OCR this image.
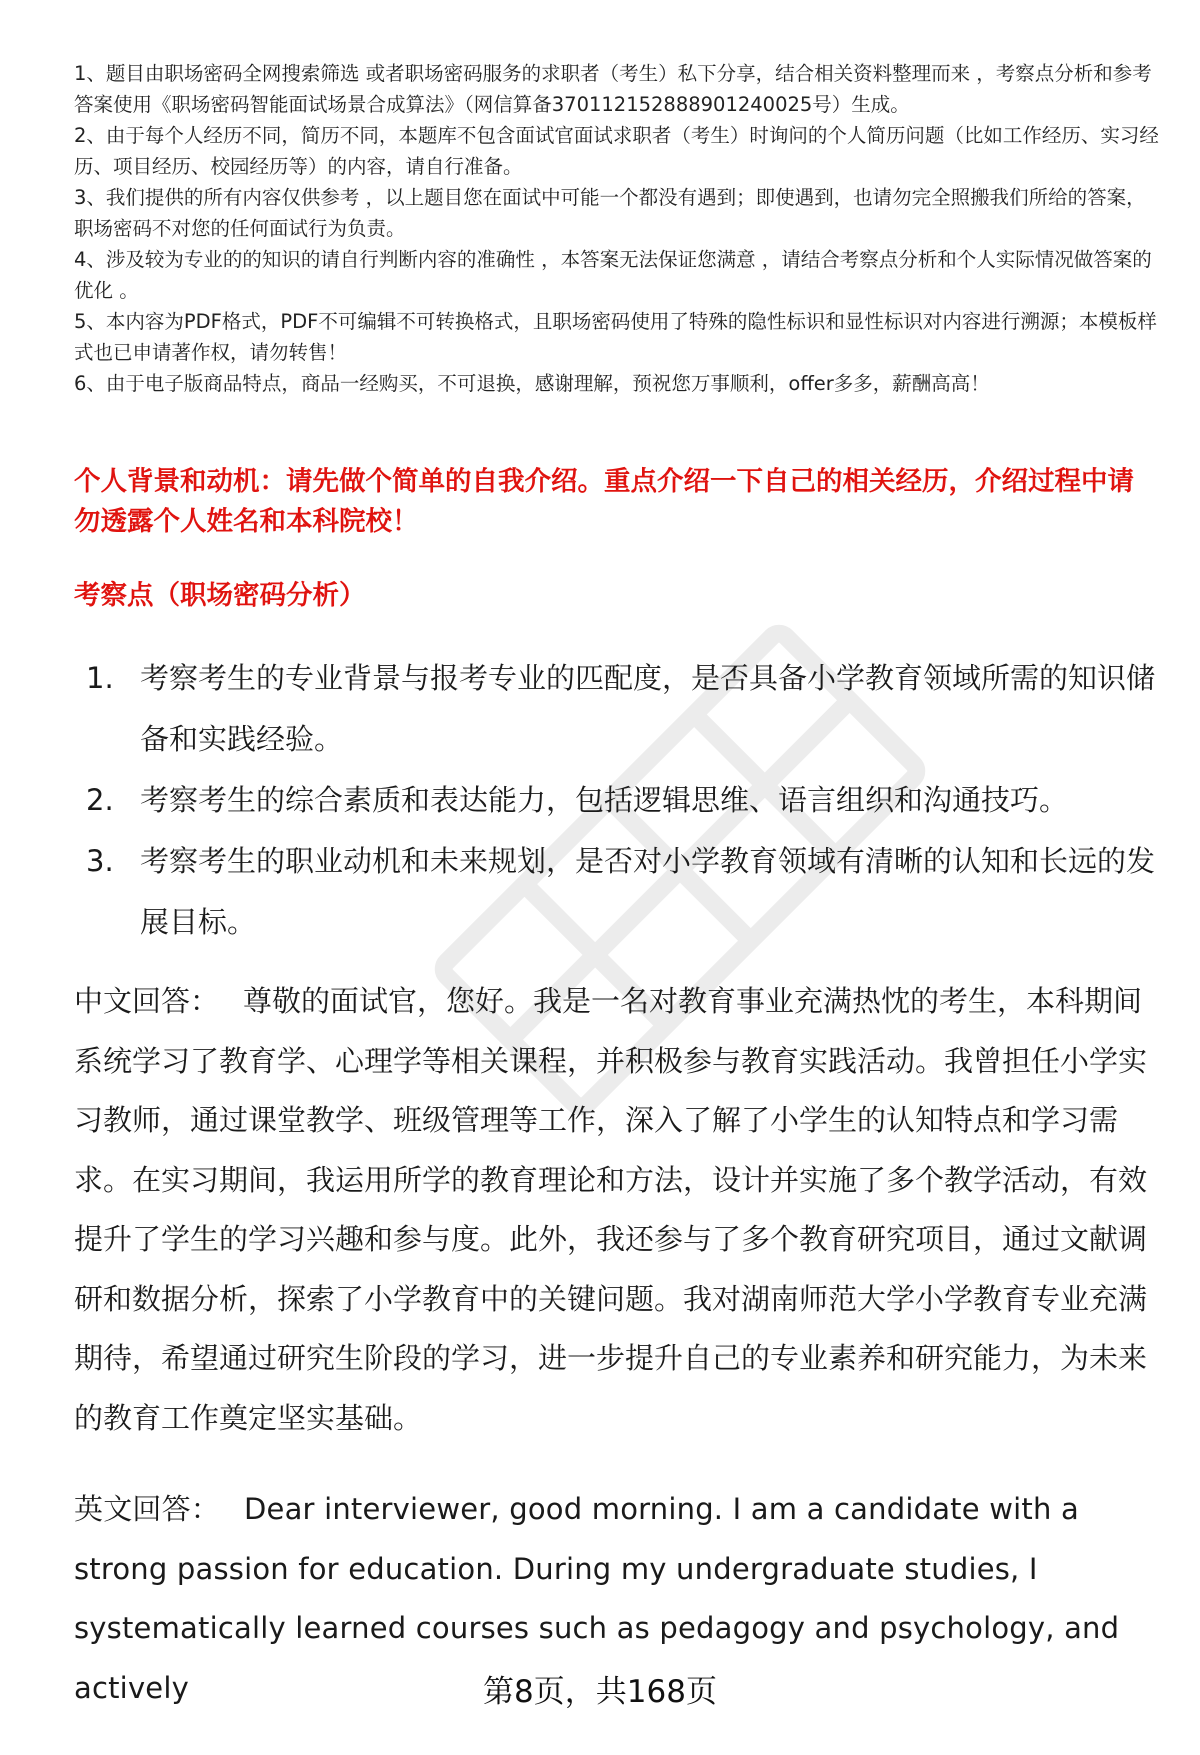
1、题目由职场密码全网搜索筛选 或者职场密码服务的求职者（考生）私下分享，结合相关资料整理而来 ，考察点分析和参考答案使用《职场密码智能面试场景合成算法》（网信算备370112152888901240025号）生成。

2、由于每个人经历不同，简历不同，本题库不包含面试官面试求职者（考生）时询问的个人简历问题（比如工作经历、实习经历、项目经历、校园经历等）的内容，请自行准备。

3、我们提供的所有内容仅供参考 ，以上题目您在面试中可能一个都没有遇到；即使遇到，也请勿完全照搬我们所给的答案，职场密码不对您的任何面试行为负责。

4、涉及较为专业的的知识的请自行判断内容的准确性 ，本答案无法保证您满意 ，请结合考察点分析和个人实际情况做答案的优化 。

5、本内容为PDF格式，PDF不可编辑不可转换格式，且职场密码使用了特殊的隐性标识和显性标识对内容进行溯源；本模板样式也已申请著作权，请勿转售！

6、由于电子版商品特点，商品一经购买，不可退换，感谢理解，预祝您万事顺利，offer多多，薪酬高高！

个人背景和动机：请先做个简单的自我介绍。重点介绍一下自己的相关经历，介绍过程中请勿透露个人姓名和本科院校！
考察点（职场密码分析）
1. 考察考生的专业背景与报考专业的匹配度，是否具备小学教育领域所需的知识储备和实践经验。
2. 考察考生的综合素质和表达能力，包括逻辑思维、语言组织和沟通技巧。
3. 考察考生的职业动机和未来规划，是否对小学教育领域有清晰的认知和长远的发展目标。

中文回答： 尊敬的面试官，您好。我是一名对教育事业充满热忱的考生，本科期间系统学习了教育学、心理学等相关课程，并积极参与教育实践活动。我曾担任小学实习教师，通过课堂教学、班级管理等工作，深入了解了小学生的认知特点和学习需求。在实习期间，我运用所学的教育理论和方法，设计并实施了多个教学活动，有效提升了学生的学习兴趣和参与度。此外，我还参与了多个教育研究项目，通过文献调研和数据分析，探索了小学教育中的关键问题。我对湖南师范大学小学教育专业充满期待，希望通过研究生阶段的学习，进一步提升自己的专业素养和研究能力，为未来的教育工作奠定坚实基础。

英文回答： Dear interviewer, good morning. I am a candidate with a strong passion for education. During my undergraduate studies, I systematically learned courses such as pedagogy and psychology, and actively	第8页，共168页
